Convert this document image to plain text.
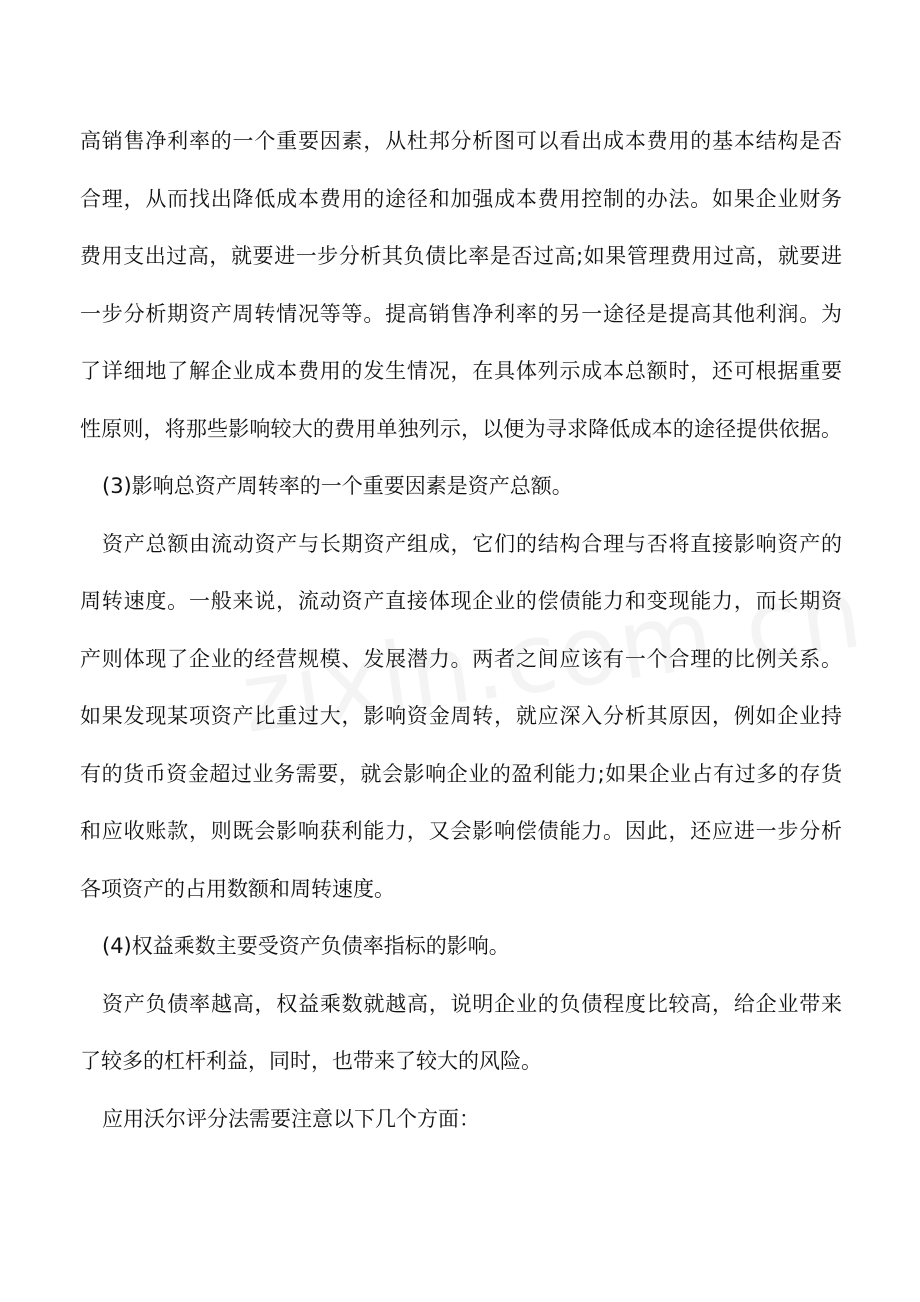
高销售净利率的一个重要因素，从杜邦分析图可以看出成本费用的基本结构是否
合理，从而找出降低成本费用的途径和加强成本费用控制的办法。如果企业财务
费用支出过高，就要进一步分析其负债比率是否过高;如果管理费用过高，就要进
一步分析期资产周转情况等等。提高销售净利率的另一途径是提高其他利润。为
了详细地了解企业成本费用的发生情况，在具体列示成本总额时，还可根据重要
性原则，将那些影响较大的费用单独列示，以便为寻求降低成本的途径提供依据。
(3)影响总资产周转率的一个重要因素是资产总额。
资产总额由流动资产与长期资产组成，它们的结构合理与否将直接影响资产的
周转速度。一般来说，流动资产直接体现企业的偿债能力和变现能力，而长期资
产则体现了企业的经营规模、发展潜力。两者之间应该有一个合理的比例关系。
如果发现某项资产比重过大，影响资金周转，就应深入分析其原因，例如企业持
有的货币资金超过业务需要，就会影响企业的盈利能力;如果企业占有过多的存货
和应收账款，则既会影响获利能力，又会影响偿债能力。因此，还应进一步分析
各项资产的占用数额和周转速度。
(4)权益乘数主要受资产负债率指标的影响。
资产负债率越高，权益乘数就越高，说明企业的负债程度比较高，给企业带来
了较多的杠杆利益，同时，也带来了较大的风险。
应用沃尔评分法需要注意以下几个方面：
